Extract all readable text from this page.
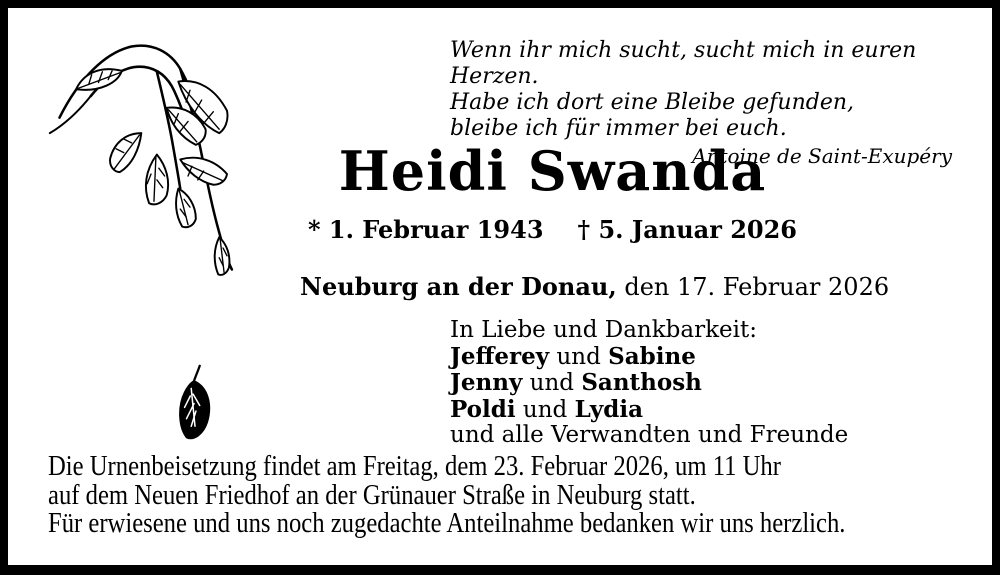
Wenn ihr mich sucht, sucht mich in euren Herzen.
Habe ich dort eine Bleibe gefunden,
bleibe ich für immer bei euch.
Antoine de Saint-Exupéry
Heidi Swanda
* 1. Februar 1943 † 5. Januar 2026
Neuburg an der Donau, den 17. Februar 2026
In Liebe und Dankbarkeit:
Jefferey und Sabine
Jenny und Santhosh
Poldi und Lydia
und alle Verwandten und Freunde
Die Urnenbeisetzung findet am Freitag, dem 23. Februar 2026, um 11 Uhr
auf dem Neuen Friedhof an der Grünauer Straße in Neuburg statt.
Für erwiesene und uns noch zugedachte Anteilnahme bedanken wir uns herzlich.
